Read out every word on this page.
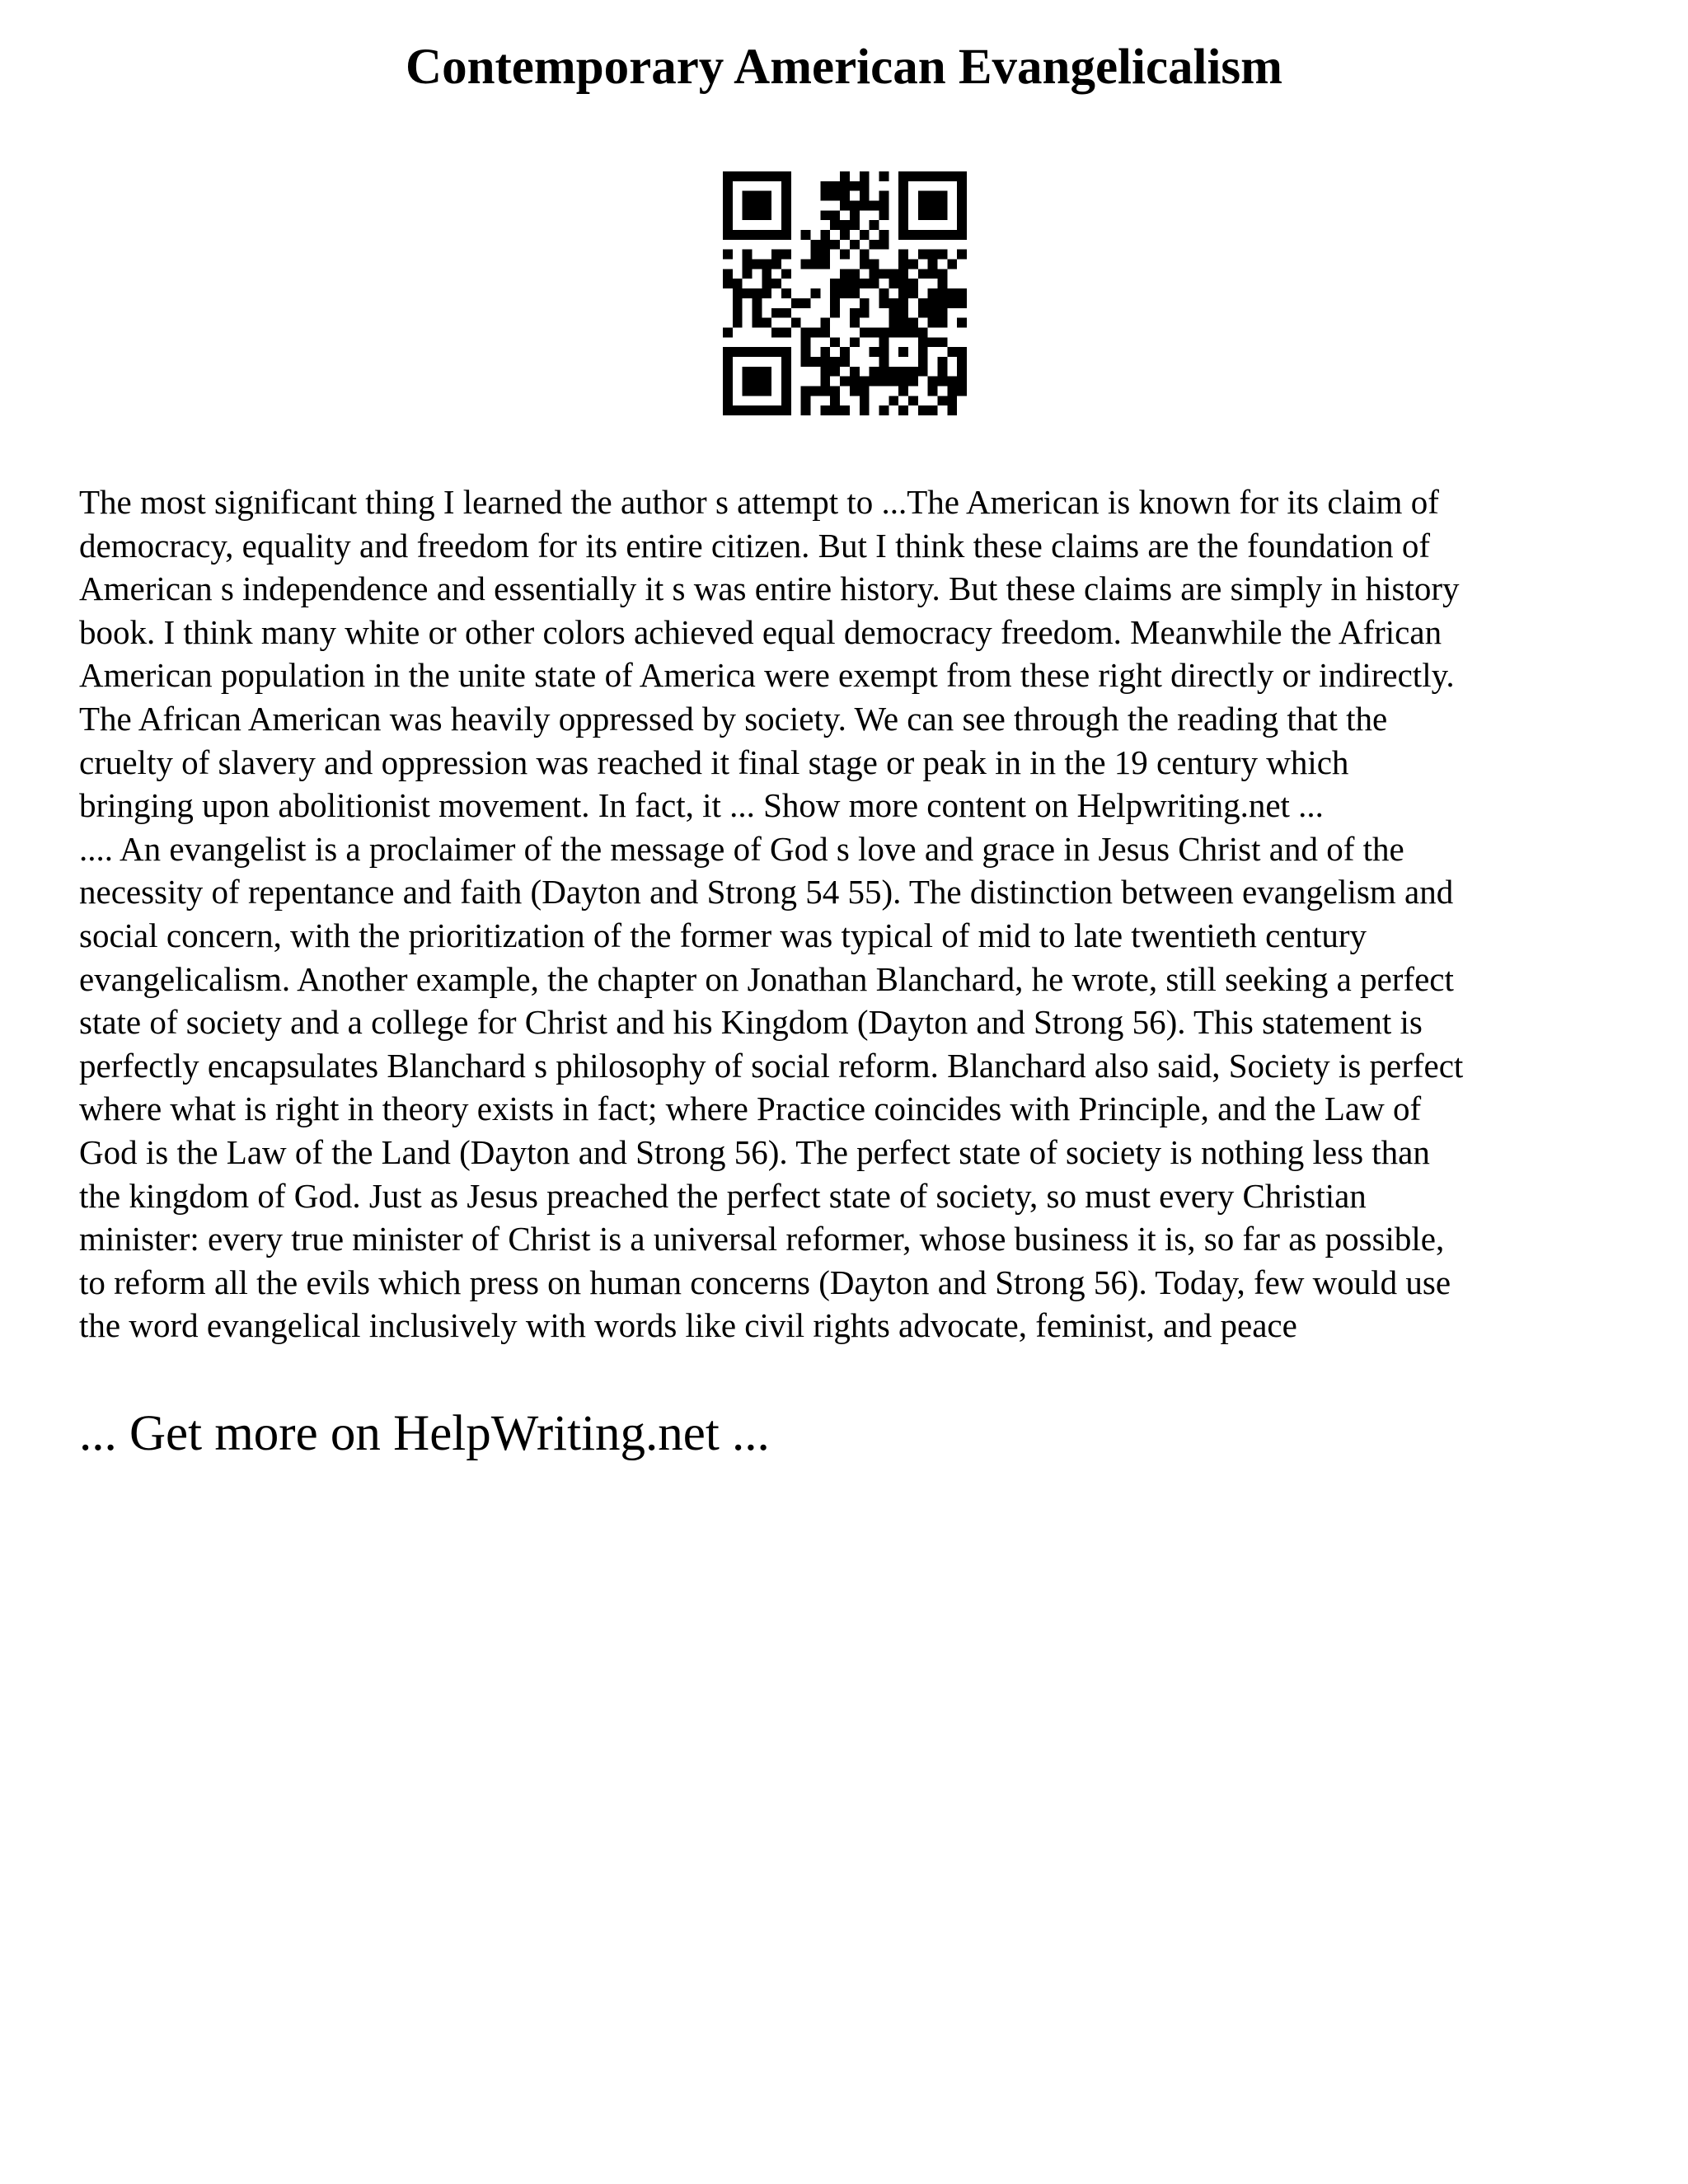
Contemporary American Evangelicalism
The most significant thing I learned the author s attempt to ...The American is known for its claim of
democracy, equality and freedom for its entire citizen. But I think these claims are the foundation of
American s independence and essentially it s was entire history. But these claims are simply in history
book. I think many white or other colors achieved equal democracy freedom. Meanwhile the African
American population in the unite state of America were exempt from these right directly or indirectly.
The African American was heavily oppressed by society. We can see through the reading that the
cruelty of slavery and oppression was reached it final stage or peak in in the 19 century which
bringing upon abolitionist movement. In fact, it ... Show more content on Helpwriting.net ...
.... An evangelist is a proclaimer of the message of God s love and grace in Jesus Christ and of the
necessity of repentance and faith (Dayton and Strong 54 55). The distinction between evangelism and
social concern, with the prioritization of the former was typical of mid to late twentieth century
evangelicalism. Another example, the chapter on Jonathan Blanchard, he wrote, still seeking a perfect
state of society and a college for Christ and his Kingdom (Dayton and Strong 56). This statement is
perfectly encapsulates Blanchard s philosophy of social reform. Blanchard also said, Society is perfect
where what is right in theory exists in fact; where Practice coincides with Principle, and the Law of
God is the Law of the Land (Dayton and Strong 56). The perfect state of society is nothing less than
the kingdom of God. Just as Jesus preached the perfect state of society, so must every Christian
minister: every true minister of Christ is a universal reformer, whose business it is, so far as possible,
to reform all the evils which press on human concerns (Dayton and Strong 56). Today, few would use
the word evangelical inclusively with words like civil rights advocate, feminist, and peace

... Get more on HelpWriting.net ...
